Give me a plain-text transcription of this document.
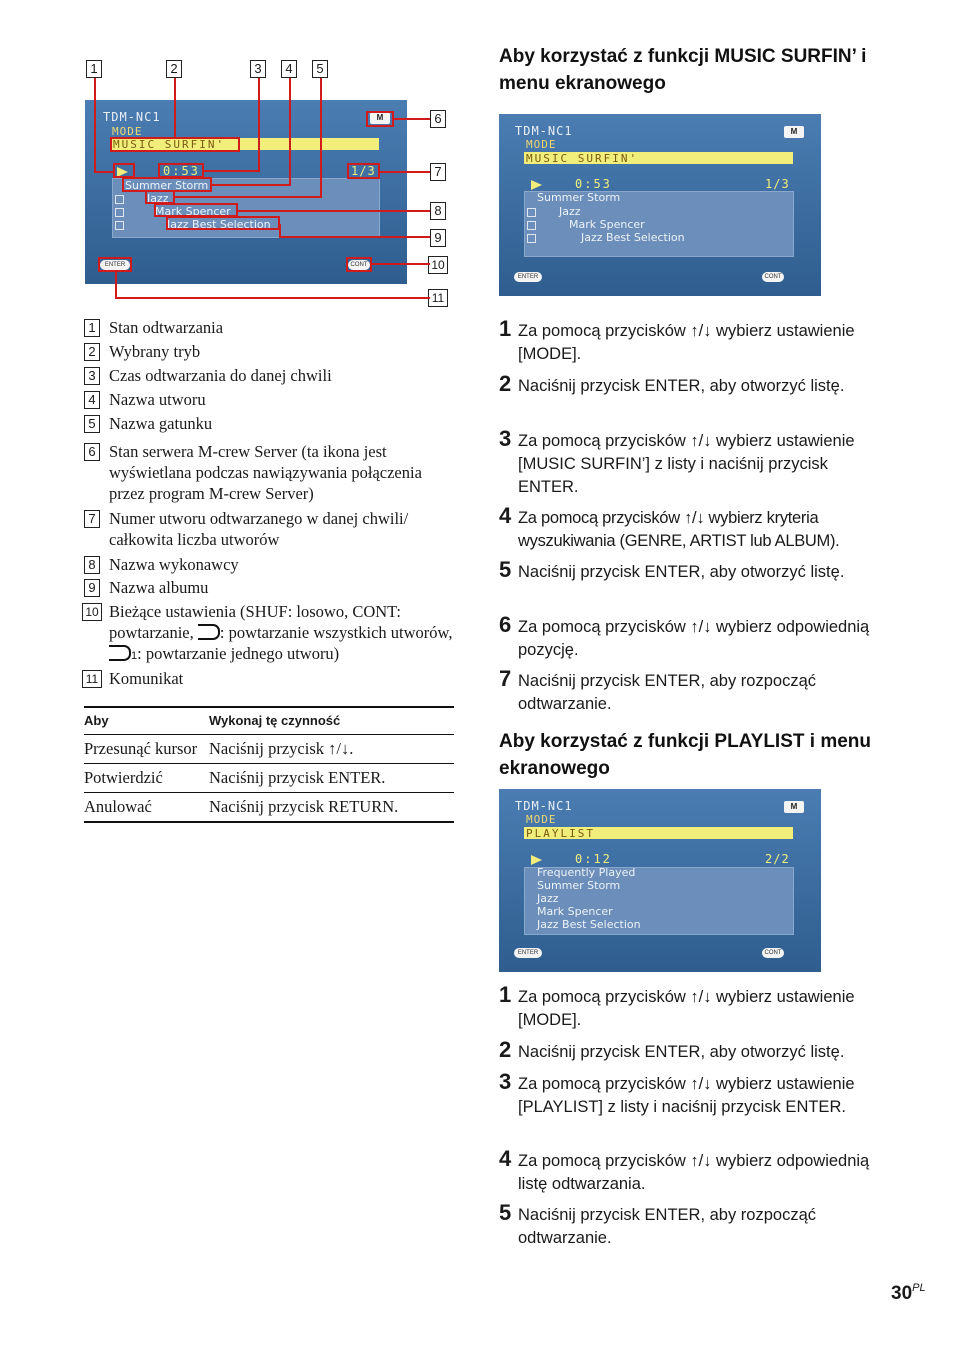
1	2	3	4	5
6
7
8
9
10
11
TDM-NC1	M
MODE
MUSIC SURFIN'
0:53	1/3
Summer Storm
Jazz
Mark Spencer
Jazz Best Selection
ENTER	CONT
1 Stan odtwarzania
2 Wybrany tryb
3 Czas odtwarzania do danej chwili
4 Nazwa utworu
5 Nazwa gatunku
6 Stan serwera M-crew Server (ta ikona jest wyświetlana podczas nawiązywania połączenia przez program M-crew Server)
7 Numer utworu odtwarzanego w danej chwili/ całkowita liczba utworów
8 Nazwa wykonawcy
9 Nazwa albumu
10 Bieżące ustawienia (SHUF: losowo, CONT: powtarzanie, : powtarzanie wszystkich utworów, 1: powtarzanie jednego utworu)
11 Komunikat
Aby	Wykonaj tę czynność
Przesunąć kursor	Naciśnij przycisk ↑/↓.
Potwierdzić	Naciśnij przycisk ENTER.
Anulować	Naciśnij przycisk RETURN.
Aby korzystać z funkcji MUSIC SURFIN’ i menu ekranowego
TDM-NC1	M
MODE
MUSIC SURFIN'
0:53	1/3
Summer Storm
Jazz
Mark Spencer
Jazz Best Selection
ENTER	CONT
1 Za pomocą przycisków ↑/↓ wybierz ustawienie [MODE].
2 Naciśnij przycisk ENTER, aby otworzyć listę.
3 Za pomocą przycisków ↑/↓ wybierz ustawienie [MUSIC SURFIN’] z listy i naciśnij przycisk ENTER.
4 Za pomocą przycisków ↑/↓ wybierz kryteria wyszukiwania (GENRE, ARTIST lub ALBUM).
5 Naciśnij przycisk ENTER, aby otworzyć listę.
6 Za pomocą przycisków ↑/↓ wybierz odpowiednią pozycję.
7 Naciśnij przycisk ENTER, aby rozpocząć odtwarzanie.
Aby korzystać z funkcji PLAYLIST i menu ekranowego
TDM-NC1	M
MODE
PLAYLIST
0:12	2/2
Frequently Played
Summer Storm
Jazz
Mark Spencer
Jazz Best Selection
ENTER	CONT
1 Za pomocą przycisków ↑/↓ wybierz ustawienie [MODE].
2 Naciśnij przycisk ENTER, aby otworzyć listę.
3 Za pomocą przycisków ↑/↓ wybierz ustawienie [PLAYLIST] z listy i naciśnij przycisk ENTER.
4 Za pomocą przycisków ↑/↓ wybierz odpowiednią listę odtwarzania.
5 Naciśnij przycisk ENTER, aby rozpocząć odtwarzanie.
$30^{PL}$
